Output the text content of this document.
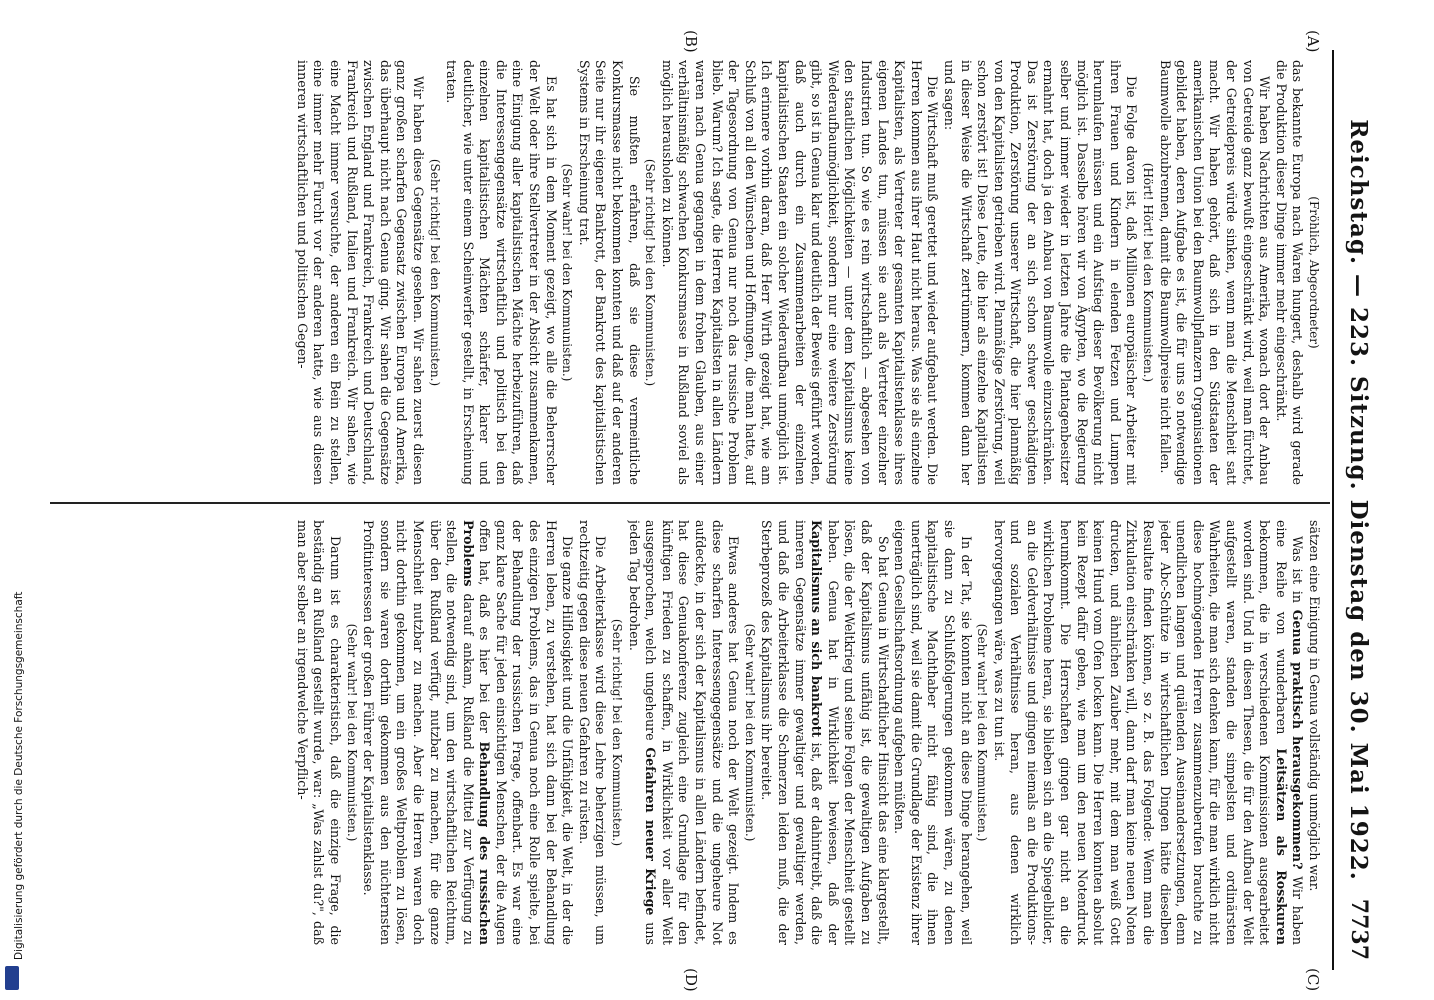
Digitalisierung gefördert durch die Deutsche Forschungsgemeinschaft	Reichstag. — 223. Sitzung. Dienstag den 30. Mai 1922.
7737
(A)
(B)
(C)
(D)

(Fröhlich, Abgeordneter)

das bekannte Europa nach Waren hungert, deshalb wird gerade die Produktion dieser Dinge immer mehr eingeschränkt.

Wir haben Nachrichten aus Amerika, wonach dort der Anbau von Getreide ganz bewußt eingeschränkt wird, weil man fürchtet, der Getreidepreis würde sinken, wenn man die Menschheit satt macht. Wir haben gehört, daß sich in den Südstaaten der amerikanischen Union bei den Baumwollpflanzern Organisationen gebildet haben, deren Aufgabe es ist, die für uns so notwendige Baumwolle abzubrennen, damit die Baumwollpreise nicht fallen.

(Hört! Hört! bei den Kommunisten.)

Die Folge davon ist, daß Millionen europäischer Arbeiter mit ihren Frauen und Kindern in elenden Fetzen und Lumpen herumlaufen müssen und ein Aufstieg dieser Bevölkerung nicht möglich ist. Dasselbe hören wir von Ägypten, wo die Regierung selber und immer wieder in letzten Jahre die Plantagenbesitzer ermahnt hat, doch ja den Anbau von Baumwolle einzuschränken. Das ist Zerstörung der an sich schon schwer geschädigten Produktion, Zerstörung unserer Wirtschaft, die hier planmäßig von den Kapitalisten getrieben wird. Planmäßige Zerstörung, weil schon zerstört ist! Diese Leute, die hier als einzelne Kapitalisten in dieser Weise die Wirtschaft zertrümmern, kommen dann her und sagen:

Die Wirtschaft muß gerettet und wieder aufgebaut werden. Die Herren kommen aus ihrer Haut nicht heraus. Was sie als einzelne Kapitalisten, als Vertreter der gesamten Kapitalistenklasse ihres eigenen Landes tun, müssen sie auch als Vertreter einzelner Industrien tun. So wie es rein wirtschaftlich — abgesehen von den staatlichen Möglichkeiten — unter dem Kapitalismus keine Wiederaufbaumöglichkeit, sondern nur eine weitere Zerstörung gibt, so ist in Genua klar und deutlich der Beweis geführt worden, daß auch durch ein Zusammenarbeiten der einzelnen kapitalistischen Staaten ein solcher Wiederaufbau unmöglich ist. Ich erinnere vorhin daran, daß Herr Wirth gezeigt hat, wie am Schluß von all den Wünschen und Hoffnungen, die man hatte, auf der Tagesordnung von Genua nur noch das russische Problem blieb. Warum? Ich sagte, die Herren Kapitalisten in allen Ländern waren nach Genua gegangen in dem frohen Glauben, aus einer verhältnismäßig schwachen Konkursmasse in Rußland soviel als möglich herausholen zu können.

(Sehr richtig! bei den Kommunisten.)

Sie mußten erfahren, daß sie diese vermeintliche Konkursmasse nicht bekommen konnten und daß auf der anderen Seite nur ihr eigener Bankrott, der Bankrott des kapitalistischen Systems in Erscheinung trat.

(Sehr wahr! bei den Kommunisten.)

Es hat sich in dem Moment gezeigt, wo alle die Beherrscher der Welt oder ihre Stellvertreter in der Absicht zusammenkamen, eine Einigung aller kapitalistischen Mächte herbeizuführen, daß die Interessengegensätze wirtschaftlich und politisch bei den einzelnen kapitalistischen Mächten schärfer, klarer und deutlicher, wie unter einem Scheinwerfer gestellt, in Erscheinung traten.

(Sehr richtig! bei den Kommunisten.)

Wir haben diese Gegensätze gesehen. Wir sahen zuerst diesen ganz großen scharfen Gegensatz zwischen Europa und Amerika, das überhaupt nicht nach Genua ging. Wir sahen die Gegensätze zwischen England und Frankreich, Frankreich und Deutschland, Frankreich und Rußland, Italien und Frankreich. Wir sahen, wie eine Macht immer versuchte, der anderen ein Bein zu stellen, eine immer mehr Furcht vor der anderen hatte, wie aus diesen inneren wirtschaftlichen und politischen Gegen-

sätzen eine Einigung in Genua vollständig unmöglich war.

Was ist in Genua praktisch herausgekommen? Wir haben eine Reihe von wunderbaren Leitsätzen als Rosskuren bekommen, die in verschiedenen Kommissionen ausgearbeitet worden sind. Und in diesen Thesen, die für den Aufbau der Welt aufgestellt waren, standen die simpelsten und ordinärsten Wahrheiten, die man sich denken kann, für die man wirklich nicht diese hochmögenden Herren zusammenzuberufen brauchte zu unendlichen langen und quälenden Auseinandersetzungen, denn jeder Abc-Schütze in wirtschaftlichen Dingen hätte dieselben Resultate finden können, so z. B. das Folgende: Wenn man die Zirkulation einschränken will, dann darf man keine neuen Noten drucken, und ähnlichen Zauber mehr, mit dem man weiß Gott keinen Hund vom Ofen locken kann. Die Herren konnten absolut kein Rezept dafür geben, wie man um den neuen Notendruck herumkommt. Die Herrschaften gingen gar nicht an die wirklichen Probleme heran, sie blieben sich an die Spiegelbilder, an die Geldverhältnisse und gingen niemals an die Produktions- und sozialen Verhältnisse heran, aus denen wirklich hervorgegangen wäre, was zu tun ist.

(Sehr wahr! bei den Kommunisten.)

In der Tat, sie konnten nicht an diese Dinge herangehen, weil sie dann zu Schlußfolgerungen gekommen wären, zu denen kapitalistische Machthaber nicht fähig sind, die ihnen unerträglich sind, weil sie damit die Grundlage der Existenz ihrer eigenen Gesellschaftsordnung aufgeben müßten.

So hat Genua in Wirtschaftlicher Hinsicht das eine klargestellt, daß der Kapitalismus unfähig ist, die gewaltigen Aufgaben zu lösen, die der Weltkrieg und seine Folgen der Menschheit gestellt haben. Genua hat in Wirklichkeit bewiesen, daß der Kapitalismus an sich bankrott ist, daß er dahintreibt, daß die inneren Gegensätze immer gewaltiger und gewaltiger werden, und daß die Arbeiterklasse die Schmerzen leiden muß, die der Sterbeprozeß des Kapitalismus ihr bereitet.

(Sehr wahr! bei den Kommunisten.)

Etwas anderes hat Genua noch der Welt gezeigt. Indem es diese scharfen Interessengegensätze und die ungeheure Not aufdeckte, in der sich der Kapitalismus in allen Ländern befindet, hat diese Genuakonferenz zugleich eine Grundlage für den künftigen Frieden zu schaffen, in Wirklichkeit vor aller Welt ausgesprochen, welch ungeheure Gefahren neuer Kriege uns jeden Tag bedrohen.

(Sehr richtig! bei den Kommunisten.)

Die Arbeiterklasse wird diese Lehre beherzigen müssen, um rechtzeitig gegen diese neuen Gefahren zu rüsten.

Die ganze Hilflosigkeit und die Unfähigkeit, die Welt, in der die Herren leben, zu verstehen, hat sich dann bei der Behandlung des einzigen Problems, das in Genua noch eine Rolle spielte, bei der Behandlung der russischen Frage, offenbart. Es war eine ganz klare Sache für jeden einsichtigen Menschen, der die Augen offen hat, daß es hier bei der Behandlung des russischen Problems darauf ankam, Rußland die Mittel zur Verfügung zu stellen, die notwendig sind, um den wirtschaftlichen Reichtum, über den Rußland verfügt, nutzbar zu machen, für die ganze Menschheit nutzbar zu machen. Aber die Herren waren doch nicht dorthin gekommen, um ein großes Weltproblem zu lösen, sondern sie waren dorthin gekommen aus den nüchternsten Profitinteressen der großen Führer der Kapitalistenklasse.

(Sehr wahr! bei den Kommunisten.)

Darum ist es charakteristisch, daß die einzige Frage, die beständig an Rußland gestellt wurde, war: „Was zahlst du?", daß man aber selber an irgendwelche Verpflich-
